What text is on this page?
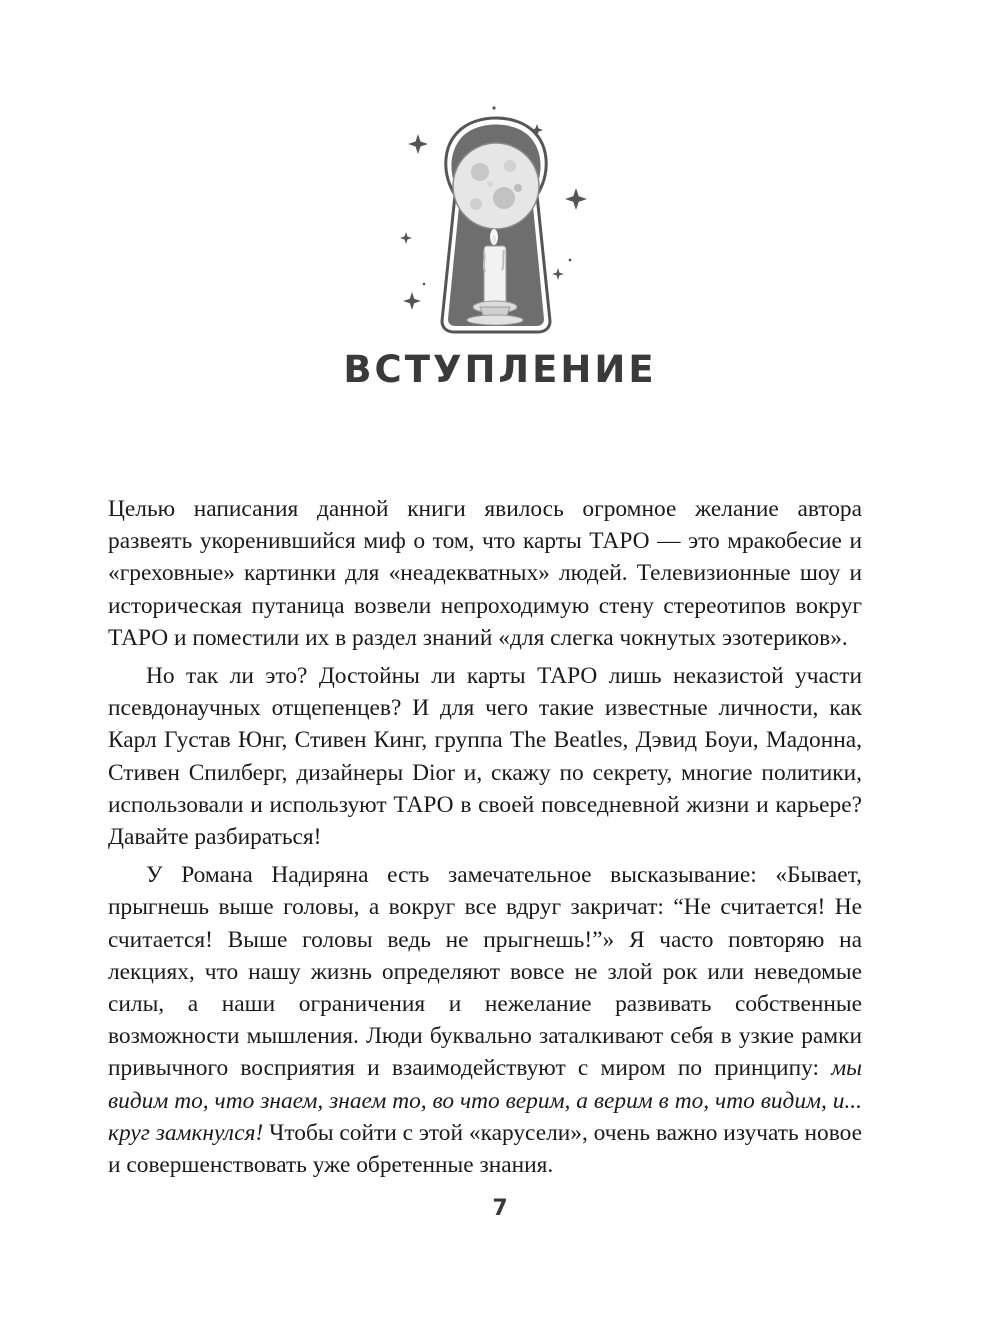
ВСТУПЛЕНИЕ

Целью написания данной книги явилось огромное желание автора развеять укоренившийся миф о том, что карты ТАРО — это мракобесие и «греховные» картинки для «неадекватных» людей. Телевизионные шоу и историческая путаница возвели непроходимую стену стереотипов вокруг ТАРО и поместили их в раздел знаний «для слегка чокнутых эзотериков».

Но так ли это? Достойны ли карты ТАРО лишь неказистой участи псевдонаучных отщепенцев? И для чего такие известные личности, как Карл Густав Юнг, Стивен Кинг, группа The Beatles, Дэвид Боуи, Мадонна, Стивен Спилберг, дизайнеры Dior и, скажу по секрету, многие политики, использовали и используют ТАРО в своей повседневной жизни и карьере? Давайте разбираться!

У Романа Надиряна есть замечательное высказывание: «Бывает, прыгнешь выше головы, а вокруг все вдруг закричат: “Не считается! Не считается! Выше головы ведь не прыгнешь!”» Я часто повторяю на лекциях, что нашу жизнь определяют вовсе не злой рок или неведомые силы, а наши ограничения и нежелание развивать собственные возможности мышления. Люди буквально заталкивают себя в узкие рамки привычного восприятия и взаимодействуют с миром по принципу: мы видим то, что знаем, знаем то, во что верим, а верим в то, что видим, и... круг замкнулся! Чтобы сойти с этой «карусели», очень важно изучать новое и совершенствовать уже обретенные знания.

7
